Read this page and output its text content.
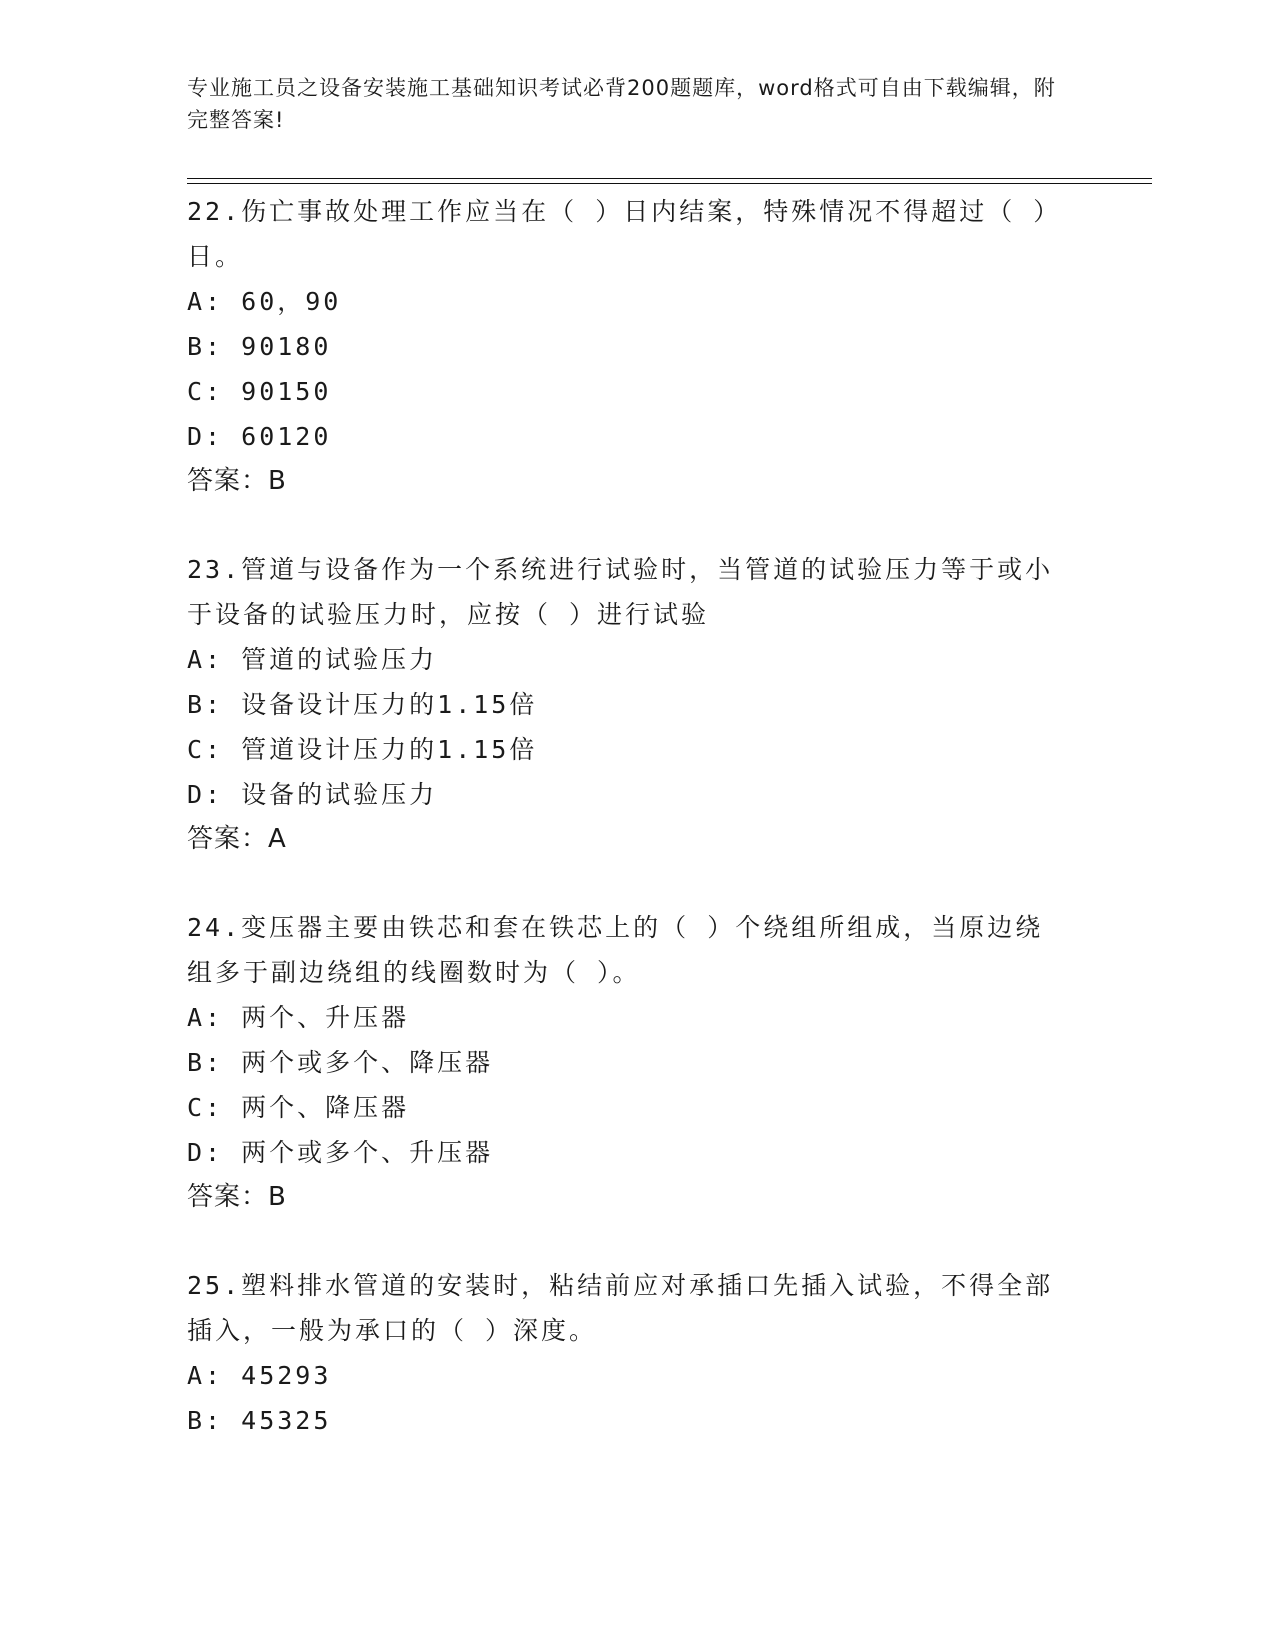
专业施工员之设备安装施工基础知识考试必背200题题库，word格式可自由下载编辑，附完整答案!
22.伤亡事故处理工作应当在（ ）日内结案，特殊情况不得超过（ ）日。
A: 60，90
B: 90180
C: 90150
D: 60120
答案：B
23.管道与设备作为一个系统进行试验时，当管道的试验压力等于或小于设备的试验压力时，应按（ ）进行试验
A: 管道的试验压力
B: 设备设计压力的1.15倍
C: 管道设计压力的1.15倍
D: 设备的试验压力
答案：A
24.变压器主要由铁芯和套在铁芯上的（ ）个绕组所组成，当原边绕组多于副边绕组的线圈数时为（ ）。
A: 两个、升压器
B: 两个或多个、降压器
C: 两个、降压器
D: 两个或多个、升压器
答案：B
25.塑料排水管道的安装时，粘结前应对承插口先插入试验，不得全部插入，一般为承口的（ ）深度。
A: 45293
B: 45325
